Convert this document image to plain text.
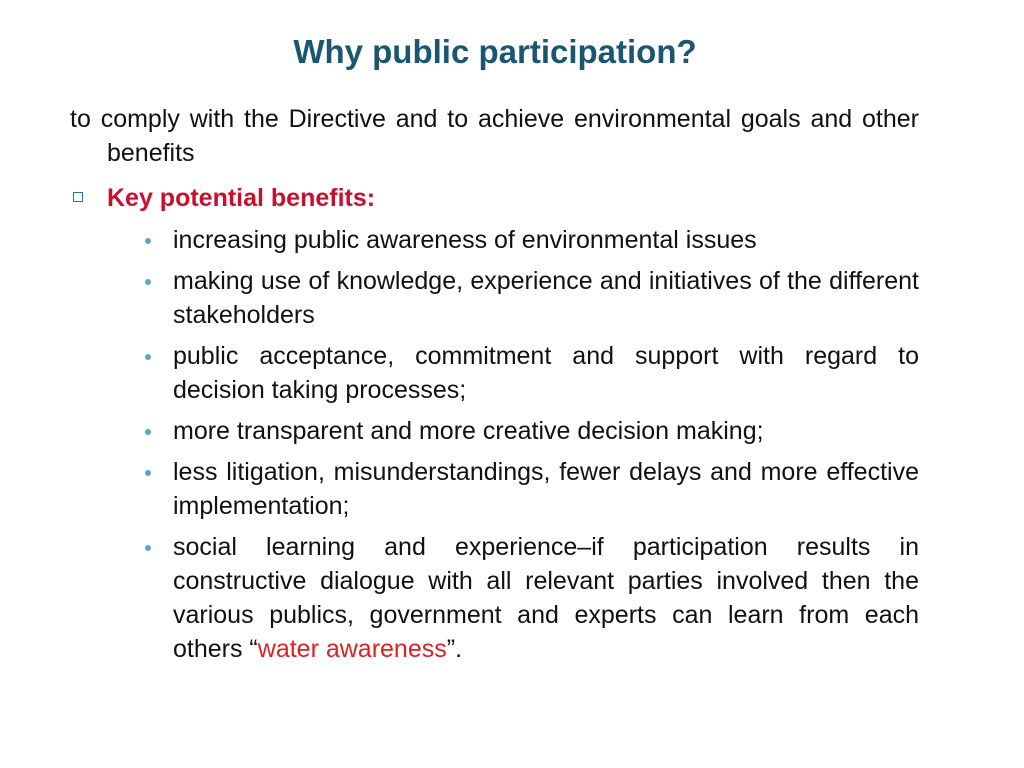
Why public participation?
to comply with the Directive and to achieve environmental goals and other benefits
Key potential benefits:
increasing public awareness of environmental issues
making use of knowledge, experience and initiatives of the different stakeholders
public acceptance, commitment and support with regard to decision taking processes;
more transparent and more creative decision making;
less litigation, misunderstandings, fewer delays and more effective implementation;
social learning and experience–if participation results in constructive dialogue with all relevant parties involved then the various publics, government and experts can learn from each others “water awareness”.
